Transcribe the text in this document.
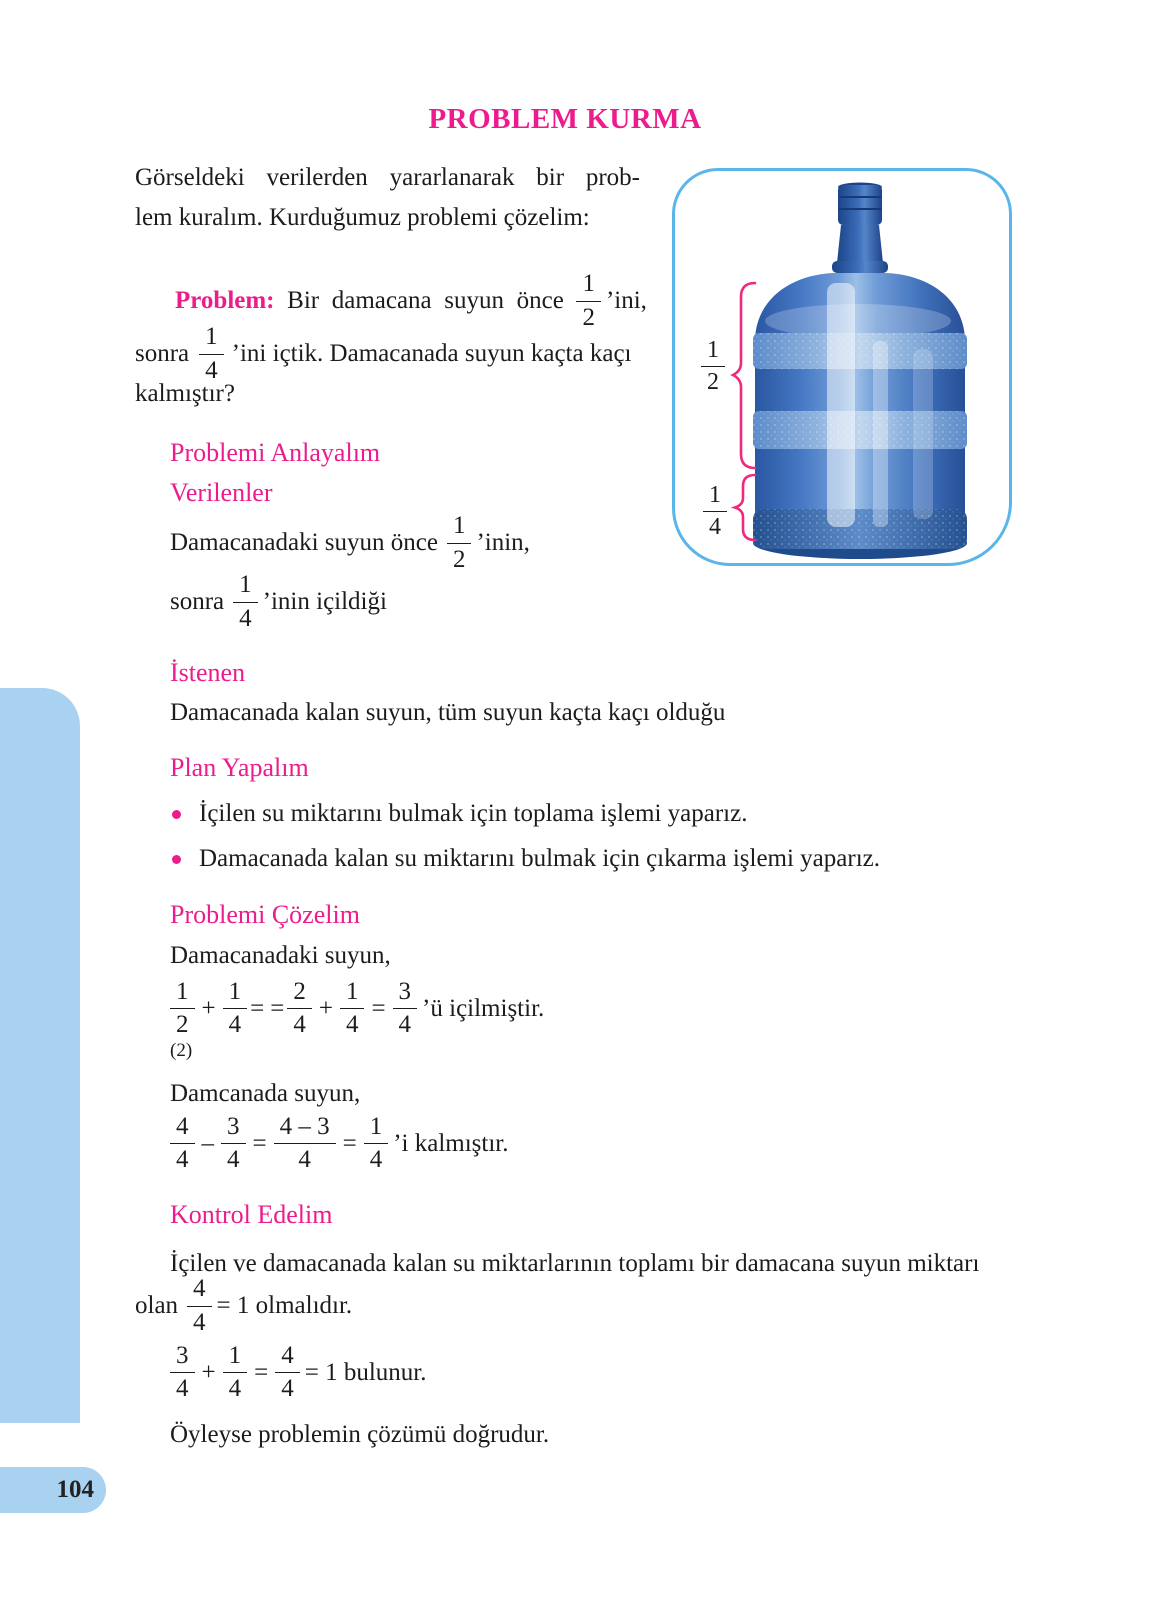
PROBLEM KURMA
Görseldeki verilerden yararlanarak bir prob-
lem kuralım. Kurduğumuz problemi çözelim:
Problem: Bir damacana suyun önce
1
2
’ini,
sonra
1
4
’ini içtik. Damacanada suyun kaçta kaçı
kalmıştır?	$\frac{1}{2}$
$\frac{1}{4}$
Problemi Anlayalım
Verilenler
Damacanadaki suyun önce
1
2
’inin,
sonra
1
4
’inin içildiği
İstenen
Damacanada kalan suyun, tüm suyun kaçta kaçı olduğu
Plan Yapalım
İçilen su miktarını bulmak için toplama işlemi yaparız.
Damacanada kalan su miktarını bulmak için çıkarma işlemi yaparız.
Problemi Çözelim
Damacanadaki suyun,
1
2
(2)
+ $\frac{1}{4}$ = = $\frac{2}{4} + \frac{1}{4} = \frac{3}{4}$ ’ü içilmiştir.
Damcanada suyun,
4
4
– $\frac{3}{4} = \frac{4 - 3}{4} = \frac{1}{4}$ ’i kalmıştır.
Kontrol Edelim
İçilen ve damacanada kalan su miktarlarının toplamı bir damacana suyun miktarı
olan $\frac{4}{4} = 1$ olmalıdır.
3
4
+ $\frac{1}{4} = \frac{4}{4} = 1$ bulunur.
Öyleyse problemin çözümü doğrudur.
104
